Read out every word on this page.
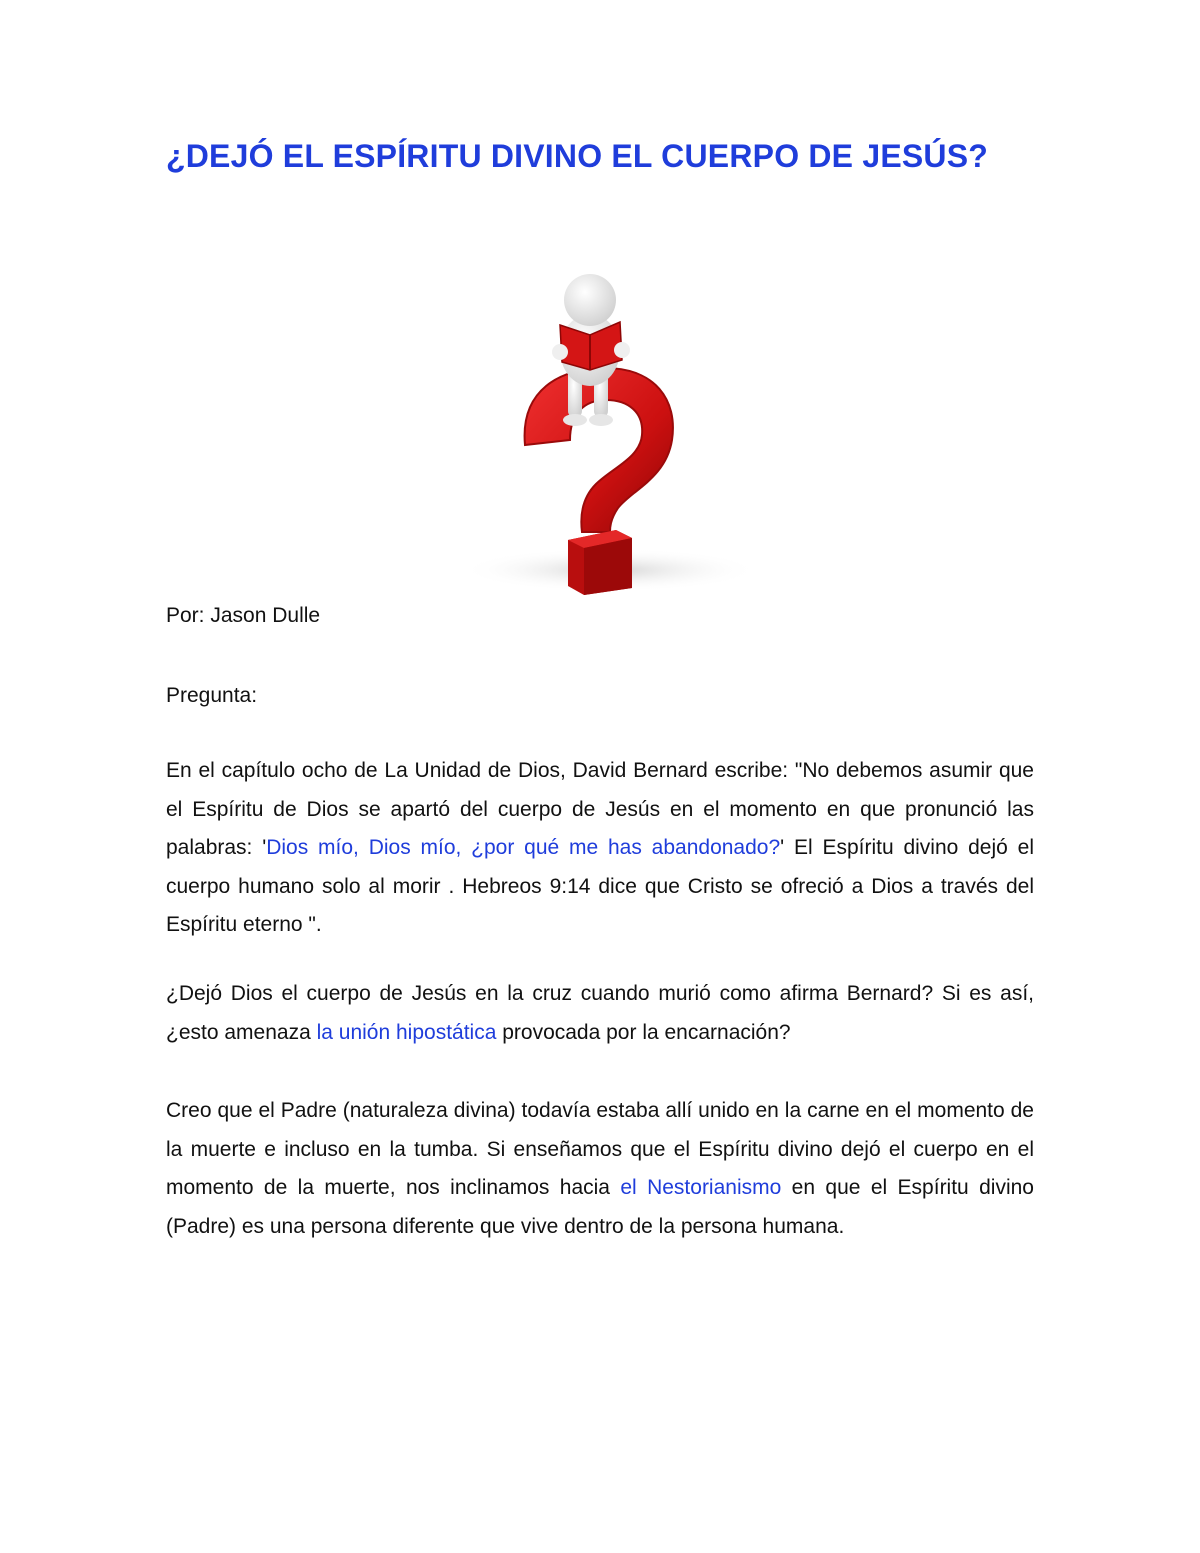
¿DEJÓ EL ESPÍRITU DIVINO EL CUERPO DE JESÚS?

Por: Jason Dulle

Pregunta:

En el capítulo ocho de La Unidad de Dios, David Bernard escribe: "No debemos asumir que el Espíritu de Dios se apartó del cuerpo de Jesús en el momento en que pronunció las palabras: 'Dios mío, Dios mío, ¿por qué me has abandonado?' El Espíritu divino dejó el cuerpo humano solo al morir . Hebreos 9:14 dice que Cristo se ofreció a Dios a través del Espíritu eterno ".

¿Dejó Dios el cuerpo de Jesús en la cruz cuando murió como afirma Bernard? Si es así, ¿esto amenaza la unión hipostática provocada por la encarnación?

Creo que el Padre (naturaleza divina) todavía estaba allí unido en la carne en el momento de la muerte e incluso en la tumba. Si enseñamos que el Espíritu divino dejó el cuerpo en el momento de la muerte, nos inclinamos hacia el Nestorianismo en que el Espíritu divino (Padre) es una persona diferente que vive dentro de la persona humana.
